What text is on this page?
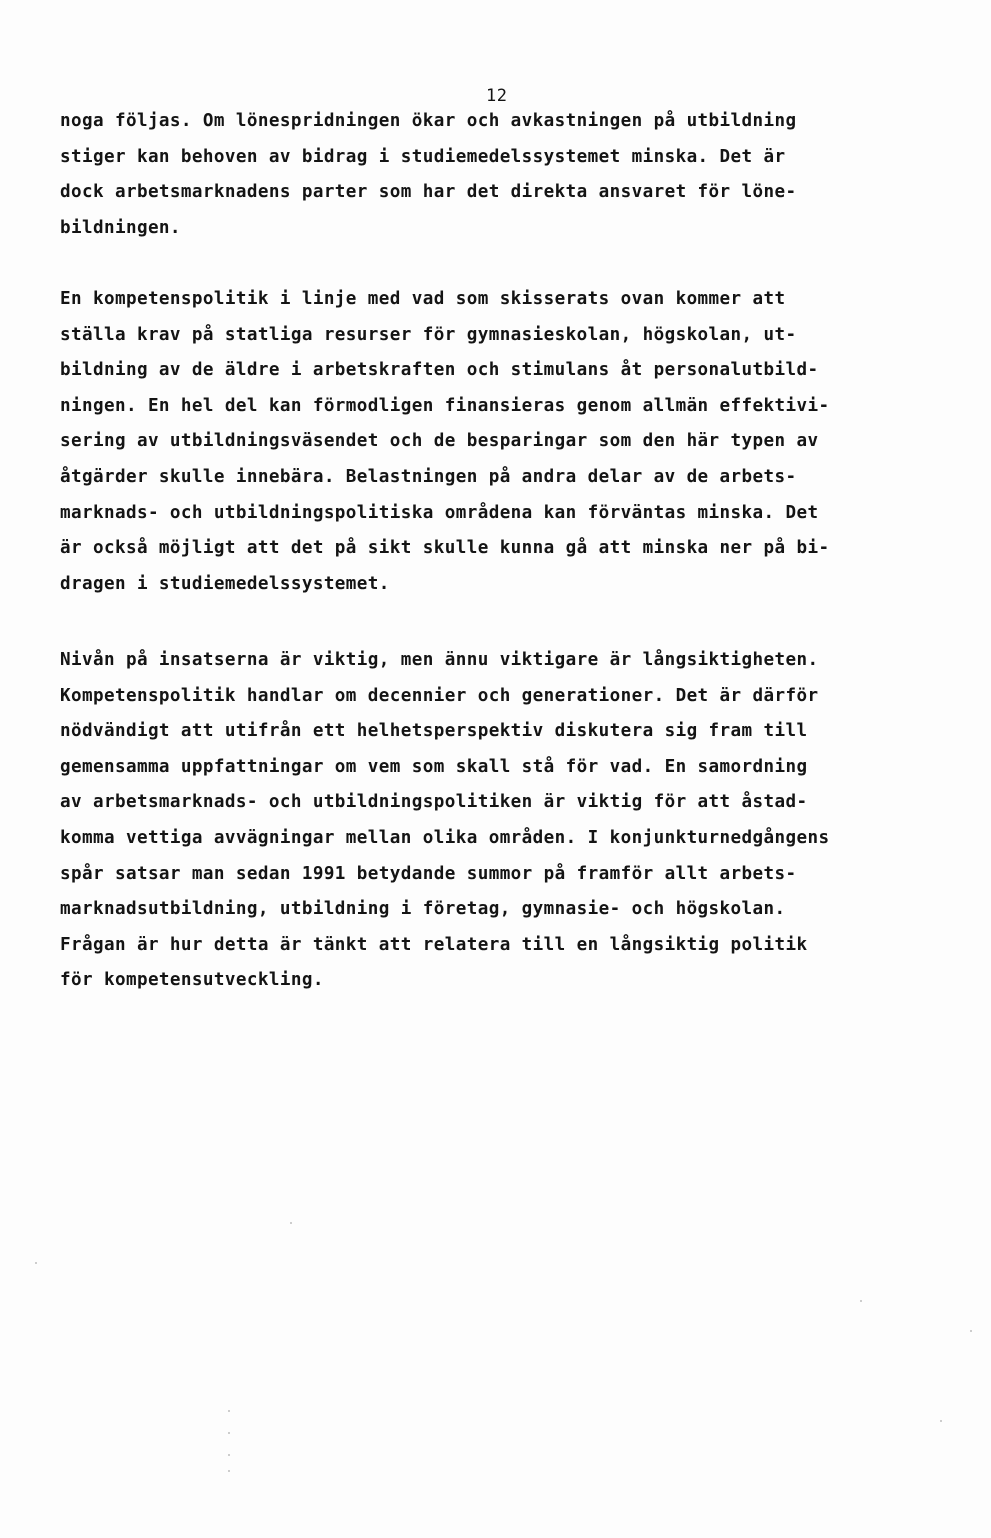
12

noga följas. Om lönespridningen ökar och avkastningen på utbildning
stiger kan behoven av bidrag i studiemedelssystemet minska. Det är
dock arbetsmarknadens parter som har det direkta ansvaret för löne-
bildningen.

En kompetenspolitik i linje med vad som skisserats ovan kommer att
ställa krav på statliga resurser för gymnasieskolan, högskolan, ut-
bildning av de äldre i arbetskraften och stimulans åt personalutbild-
ningen. En hel del kan förmodligen finansieras genom allmän effektivi-
sering av utbildningsväsendet och de besparingar som den här typen av
åtgärder skulle innebära. Belastningen på andra delar av de arbets-
marknads- och utbildningspolitiska områdena kan förväntas minska. Det
är också möjligt att det på sikt skulle kunna gå att minska ner på bi-
dragen i studiemedelssystemet.

Nivån på insatserna är viktig, men ännu viktigare är långsiktigheten.
Kompetenspolitik handlar om decennier och generationer. Det är därför
nödvändigt att utifrån ett helhetsperspektiv diskutera sig fram till
gemensamma uppfattningar om vem som skall stå för vad. En samordning
av arbetsmarknads- och utbildningspolitiken är viktig för att åstad-
komma vettiga avvägningar mellan olika områden. I konjunkturnedgångens
spår satsar man sedan 1991 betydande summor på framför allt arbets-
marknadsutbildning, utbildning i företag, gymnasie- och högskolan.
Frågan är hur detta är tänkt att relatera till en långsiktig politik
för kompetensutveckling.
